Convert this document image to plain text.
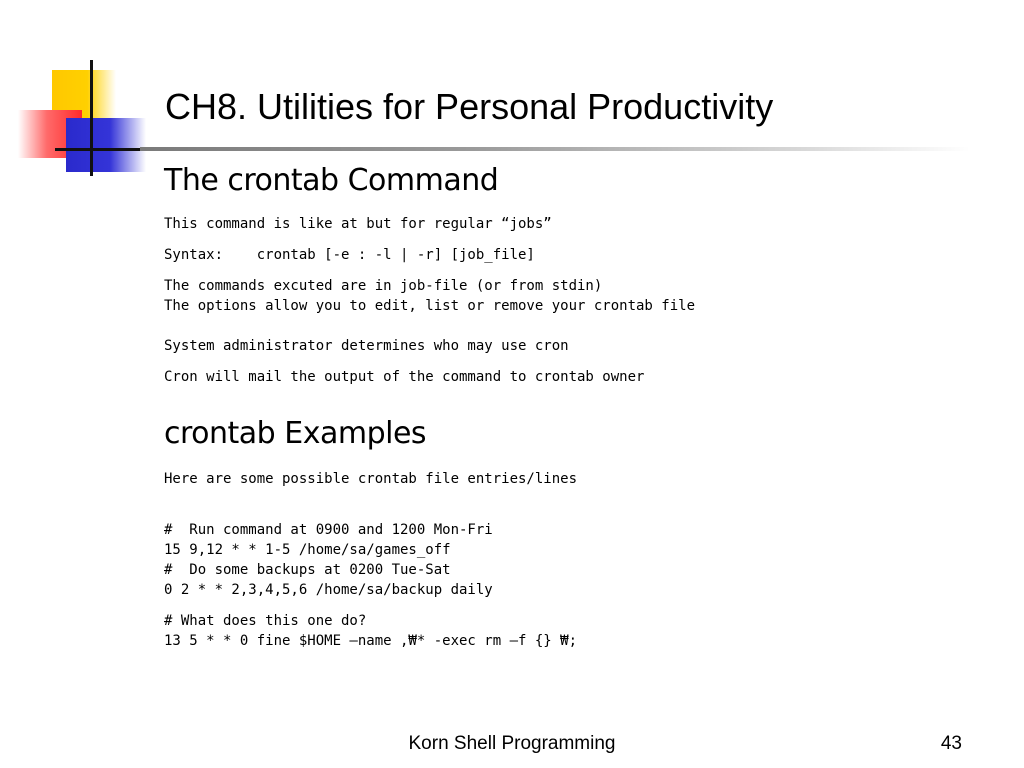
CH8. Utilities for Personal Productivity
The crontab Command
This command is like at but for regular “jobs”
Syntax:    crontab [-e : -l | -r] [job_file]
The commands excuted are in job-file (or from stdin)
The options allow you to edit, list or remove your crontab file
System administrator determines who may use cron
Cron will mail the output of the command to crontab owner
crontab Examples
Here are some possible crontab file entries/lines
#  Run command at 0900 and 1200 Mon-Fri
15 9,12 * * 1-5 /home/sa/games_off
#  Do some backups at 0200 Tue-Sat
0 2 * * 2,3,4,5,6 /home/sa/backup daily
# What does this one do?
13 5 * * 0 fine $HOME –name ,₩* -exec rm –f {} ₩;
Korn Shell Programming	43
